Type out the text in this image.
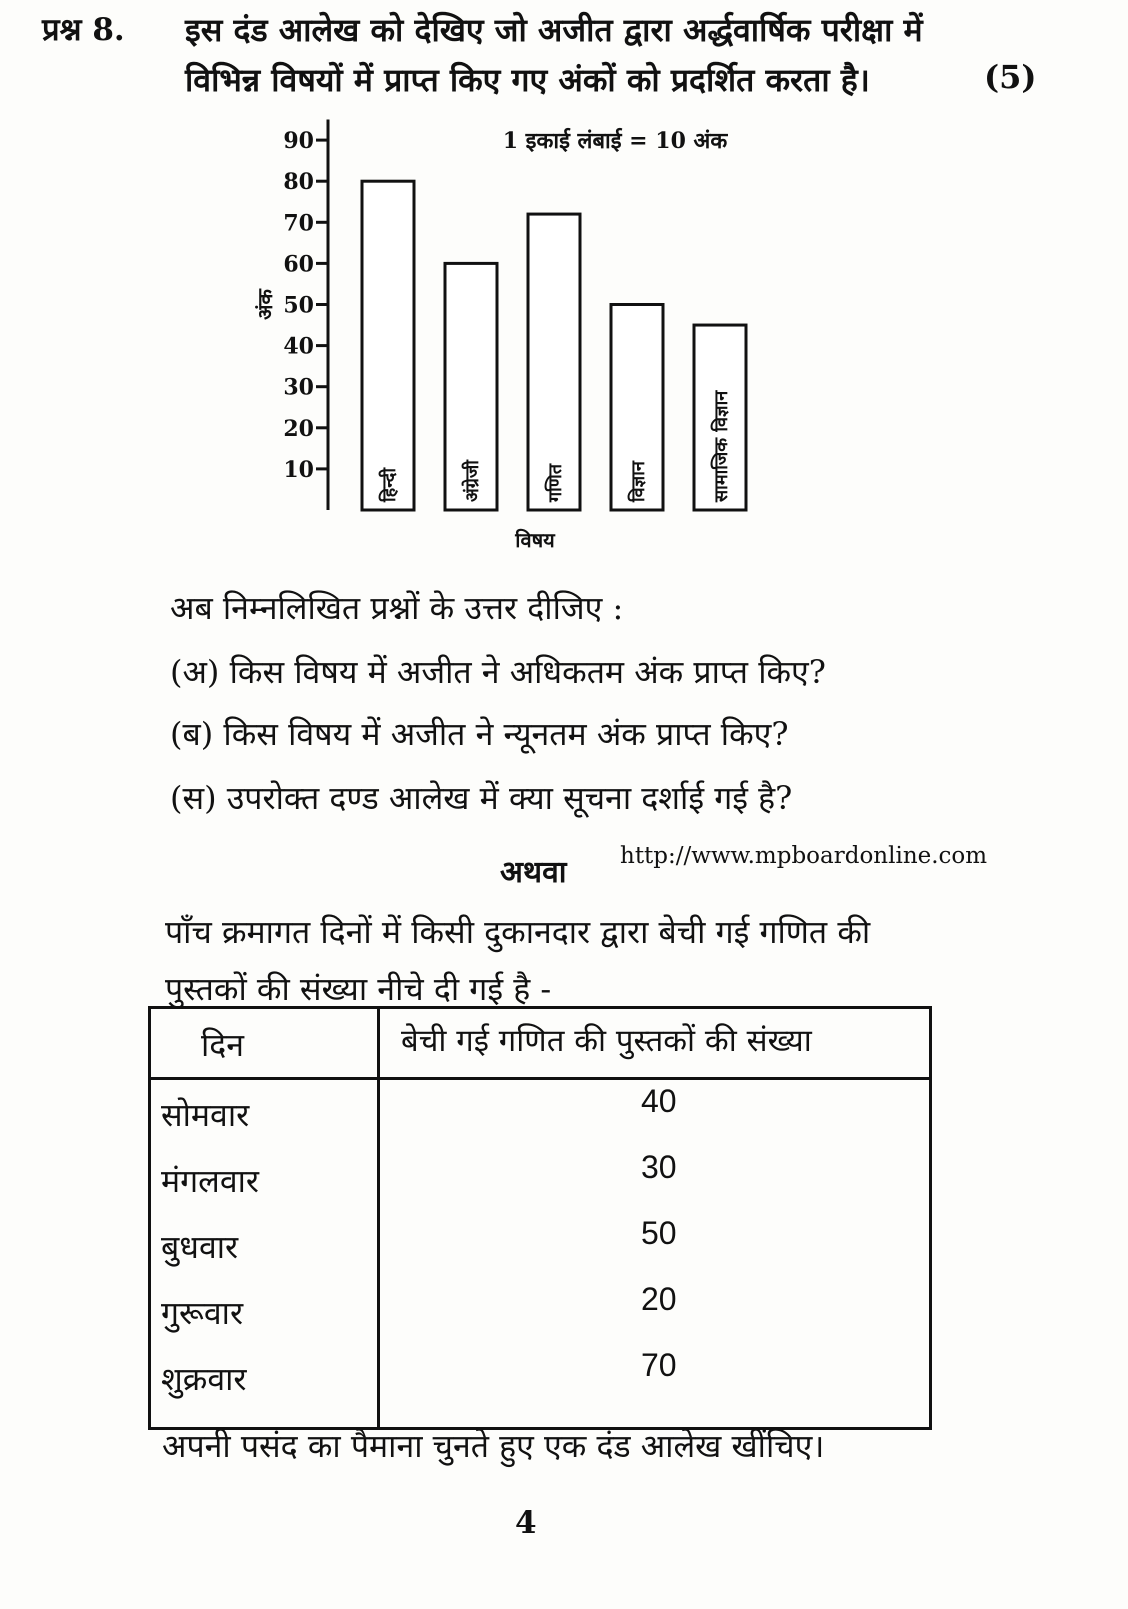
प्रश्न 8. इस दंड आलेख को देखिए जो अजीत द्वारा अर्द्धवार्षिक परीक्षा में
विभिन्न विषयों में प्राप्त किए गए अंकों को प्रदर्शित करता है।	(5)
10
20
30
40
50
60
70
80
90
अंक
1 इकाई लंबाई = 10 अंक
हिन्दी	अंग्रेजी	गणित	विज्ञान	सामाजिक विज्ञान
विषय
अब निम्नलिखित प्रश्नों के उत्तर दीजिए :
(अ) किस विषय में अजीत ने अधिकतम अंक प्राप्त किए?
(ब) किस विषय में अजीत ने न्यूनतम अंक प्राप्त किए?
(स) उपरोक्त दण्ड आलेख में क्या सूचना दर्शाई गई है?
अथवा http://www.mpboardonline.com
पाँच क्रमागत दिनों में किसी दुकानदार द्वारा बेची गई गणित की
पुस्तकों की संख्या नीचे दी गई है -
दिन	बेची गई गणित की पुस्तकों की संख्या
सोमवार	40
मंगलवार	30
बुधवार	50
गुरूवार	20
शुक्रवार	70
अपनी पसंद का पैमाना चुनते हुए एक दंड आलेख खींचिए।
4
